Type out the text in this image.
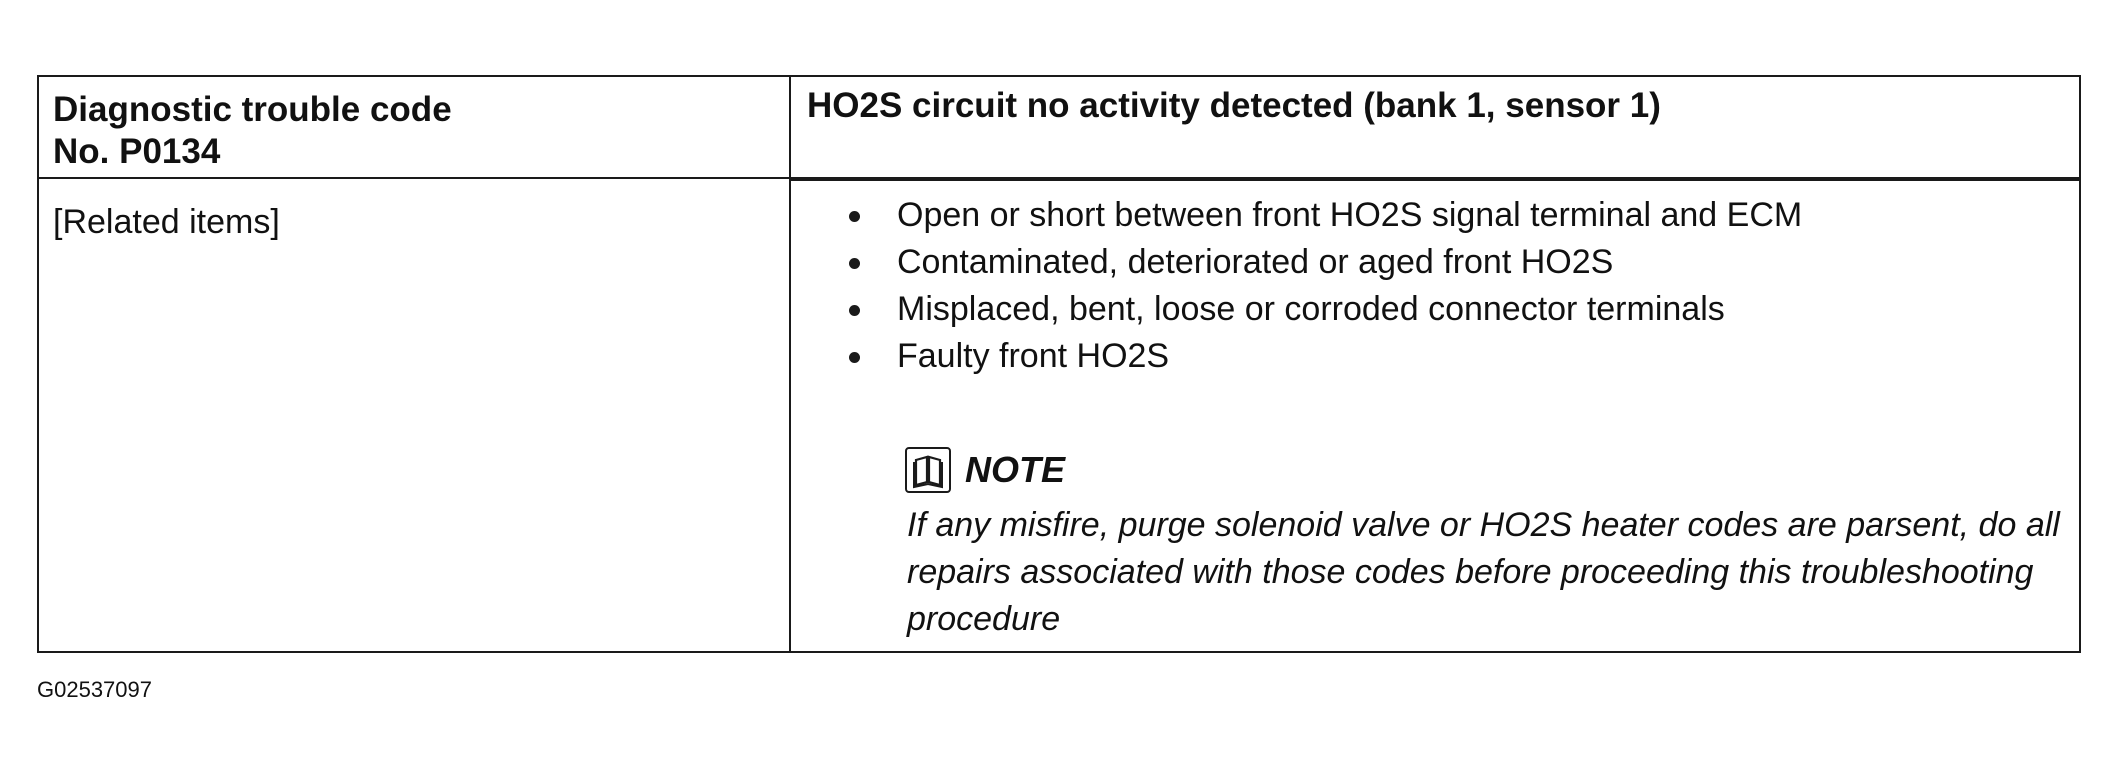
Diagnostic trouble code
No. P0134
HO2S circuit no activity detected (bank 1, sensor 1)
[Related items]	Open or short between front HO2S signal terminal and ECM
Contaminated, deteriorated or aged front HO2S
Misplaced, bent, loose or corroded connector terminals
Faulty front HO2S
NOTE
If any misfire, purge solenoid valve or HO2S heater codes are parsent, do all repairs associated with those codes before proceeding this troubleshooting procedure
G02537097
